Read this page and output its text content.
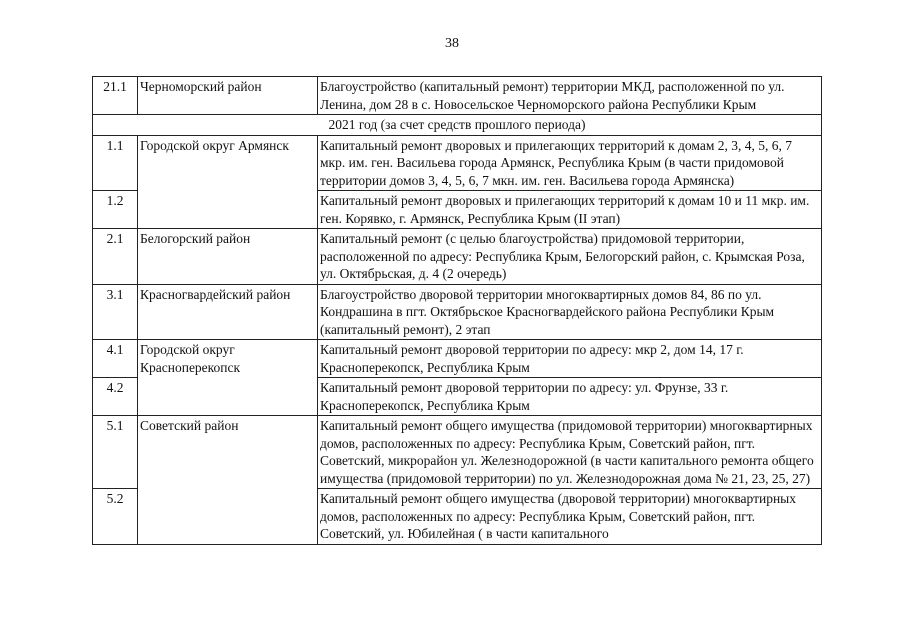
38
21.1	Черноморский район	Благоустройство (капитальный ремонт) территории МКД, расположенной по ул. Ленина, дом 28 в с. Новосельское Черноморского района Республики Крым
2021 год (за счет средств прошлого периода)		
1.1	Городской округ Армянск	Капитальный ремонт дворовых и прилегающих территорий к домам 2, 3, 4, 5, 6, 7 мкр. им. ген. Васильева города Армянск, Республика Крым (в части придомовой территории домов 3, 4, 5, 6, 7 мкн. им. ген. Васильева города Армянска)
1.2		Капитальный ремонт дворовых и прилегающих территорий к домам 10 и 11 мкр. им. ген. Корявко, г. Армянск, Республика Крым (II этап)
2.1	Белогорский район	Капитальный ремонт (с целью благоустройства) придомовой территории, расположенной по адресу: Республика Крым, Белогорский район, с. Крымская Роза, ул. Октябрьская, д. 4 (2 очередь)
3.1	Красногвардейский район	Благоустройство дворовой территории многоквартирных домов 84, 86 по ул. Кондрашина в пгт. Октябрьское Красногвардейского района Республики Крым (капитальный ремонт), 2 этап
4.1	Городской округ Красноперекопск	Капитальный ремонт дворовой территории по адресу: мкр 2, дом 14, 17 г. Красноперекопск, Республика Крым
4.2		Капитальный ремонт дворовой территории по адресу: ул. Фрунзе, 33 г. Красноперекопск, Республика Крым
5.1	Советский район	Капитальный ремонт общего имущества (придомовой территории) многоквартирных домов, расположенных по адресу: Республика Крым, Советский район, пгт. Советский, микрорайон ул. Железнодорожной (в части капитального ремонта общего имущества (придомовой территории) по ул. Железнодорожная дома № 21, 23, 25, 27)
5.2		Капитальный ремонт общего имущества (дворовой территории) многоквартирных домов, расположенных по адресу: Республика Крым, Советский район, пгт. Советский, ул. Юбилейная ( в части капитального
